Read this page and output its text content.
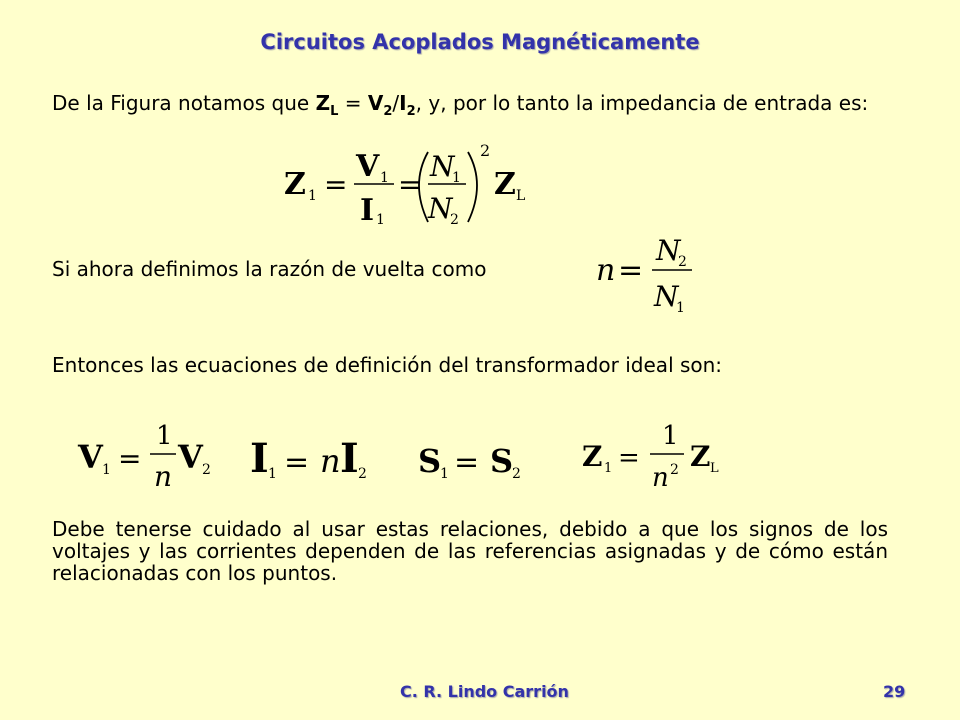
Circuitos Acoplados Magnéticamente
De la Figura notamos que $Z_L = V_2/I_2$, y, por lo tanto la impedancia de entrada es:
Z 1 =
V 1
I 1
=
N
1
N
2
2
Z L
Si ahora definimos la razón de vuelta como	n =
N
2
N
1
Entonces las ecuaciones de definición del transformador ideal son:
V 1 =
1
n
V 2 I 1 = n I 2 S
1 = S
2
Z 1 =
1
n 2 Z L
Debe tenerse cuidado al usar estas relaciones, debido a que los signos de los voltajes y las corrientes dependen de las referencias asignadas y de cómo están relacionadas con los puntos.
C. R. Lindo Carrión	29
